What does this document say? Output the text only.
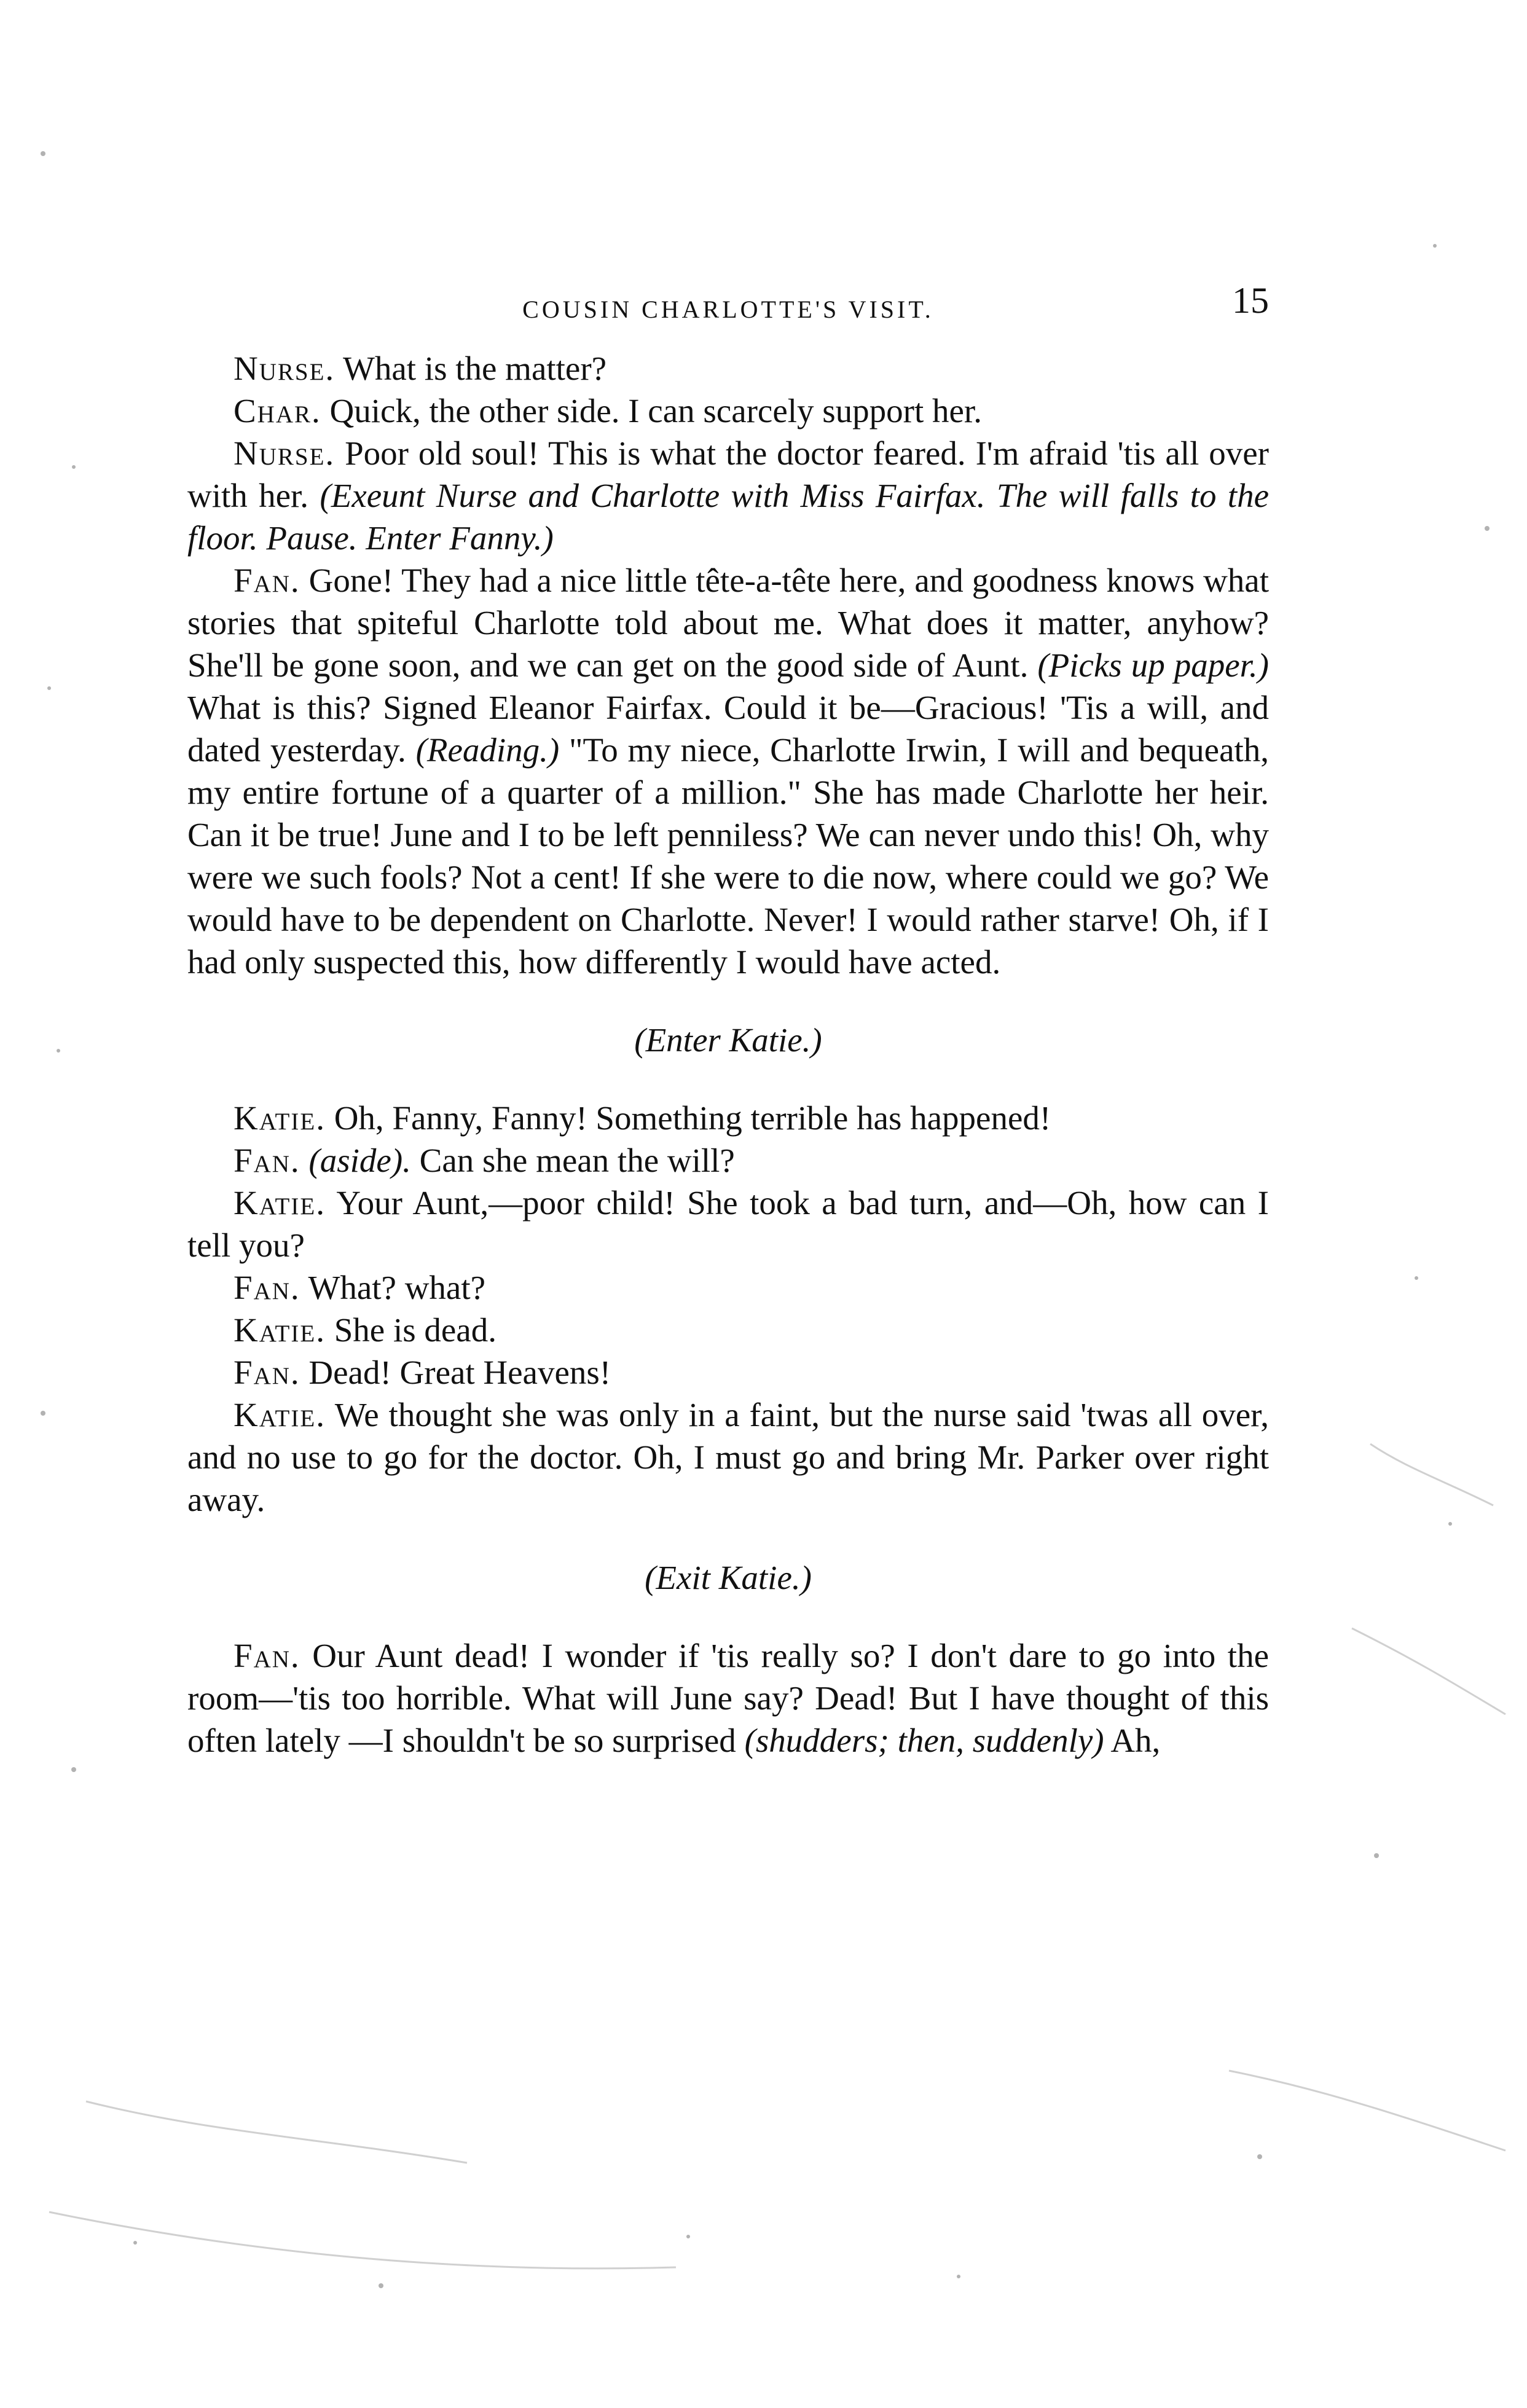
COUSIN CHARLOTTE'S VISIT.	15

Nurse. What is the matter?

Char. Quick, the other side. I can scarcely support her.

Nurse. Poor old soul! This is what the doctor feared. I'm afraid 'tis all over with her. (Exeunt Nurse and Charlotte with Miss Fairfax. The will falls to the floor. Pause. Enter Fanny.)

Fan. Gone! They had a nice little tête-a-tête here, and goodness knows what stories that spiteful Charlotte told about me. What does it matter, anyhow? She'll be gone soon, and we can get on the good side of Aunt. (Picks up paper.) What is this? Signed Eleanor Fairfax. Could it be—Gracious! 'Tis a will, and dated yesterday. (Reading.) "To my niece, Charlotte Irwin, I will and bequeath, my entire fortune of a quarter of a million." She has made Charlotte her heir. Can it be true! June and I to be left penniless? We can never undo this! Oh, why were we such fools? Not a cent! If she were to die now, where could we go? We would have to be dependent on Charlotte. Never! I would rather starve! Oh, if I had only suspected this, how differently I would have acted.

(Enter Katie.)

Katie. Oh, Fanny, Fanny! Something terrible has happened!

Fan. (aside). Can she mean the will?

Katie. Your Aunt,—poor child! She took a bad turn, and—Oh, how can I tell you?

Fan. What? what?

Katie. She is dead.

Fan. Dead! Great Heavens!

Katie. We thought she was only in a faint, but the nurse said 'twas all over, and no use to go for the doctor. Oh, I must go and bring Mr. Parker over right away.

(Exit Katie.)

Fan. Our Aunt dead! I wonder if 'tis really so? I don't dare to go into the room—'tis too horrible. What will June say? Dead! But I have thought of this often lately —I shouldn't be so surprised (shudders; then, suddenly) Ah,
